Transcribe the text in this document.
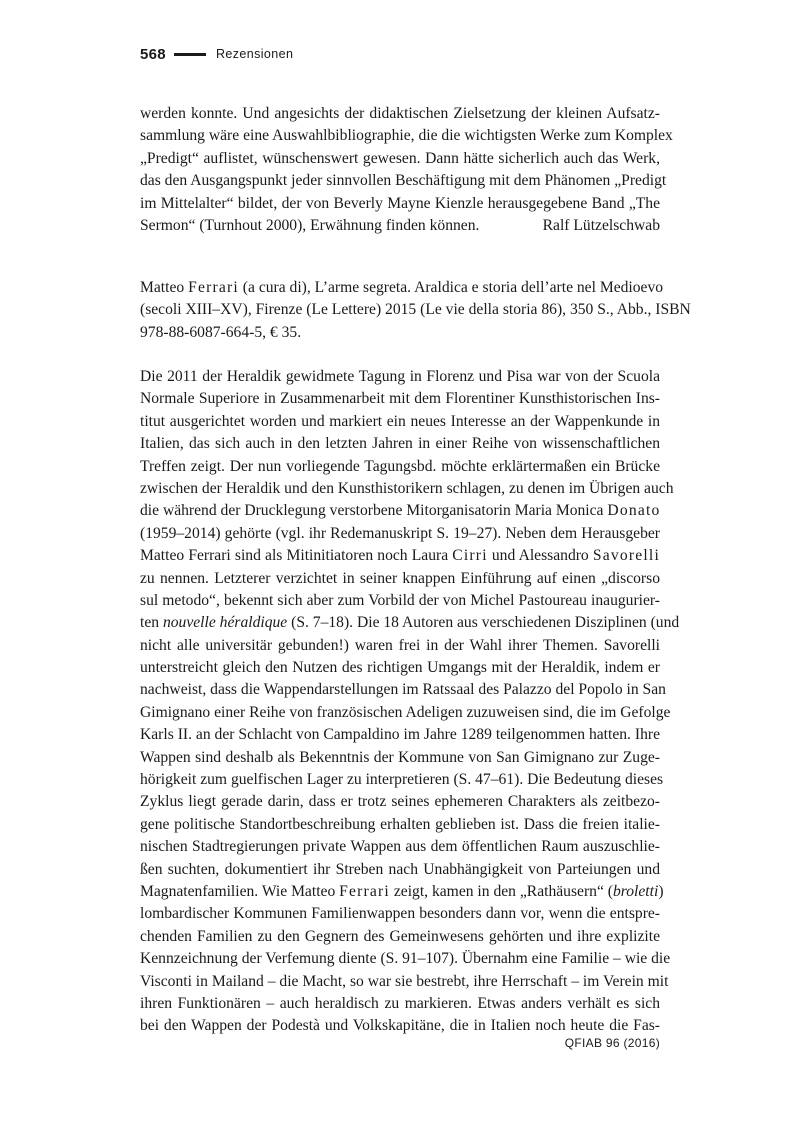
568	Rezensionen
werden konnte. Und angesichts der didaktischen Zielsetzung der kleinen Aufsatz-
sammlung wäre eine Auswahlbibliographie, die die wichtigsten Werke zum Komplex
„Predigt“ auflistet, wünschenswert gewesen. Dann hätte sicherlich auch das Werk,
das den Ausgangspunkt jeder sinnvollen Beschäftigung mit dem Phänomen „Predigt
im Mittelalter“ bildet, der von Beverly Mayne Kienzle herausgegebene Band „The
Sermon“ (Turnhout 2000), Erwähnung finden können.	Ralf Lützelschwab
Matteo Ferrari (a cura di), L’arme segreta. Araldica e storia dell’arte nel Medioevo
(secoli XIII–XV), Firenze (Le Lettere) 2015 (Le vie della storia 86), 350 S., Abb., ISBN
978-88-6087-664-5, € 35.
Die 2011 der Heraldik gewidmete Tagung in Florenz und Pisa war von der Scuola
Normale Superiore in Zusammenarbeit mit dem Florentiner Kunsthistorischen Ins-
titut ausgerichtet worden und markiert ein neues Interesse an der Wappenkunde in
Italien, das sich auch in den letzten Jahren in einer Reihe von wissenschaftlichen
Treffen zeigt. Der nun vorliegende Tagungsbd. möchte erklärtermaßen ein Brücke
zwischen der Heraldik und den Kunsthistorikern schlagen, zu denen im Übrigen auch
die während der Drucklegung verstorbene Mitorganisatorin Maria Monica Donato
(1959–2014) gehörte (vgl. ihr Redemanuskript S. 19–27). Neben dem Herausgeber
Matteo Ferrari sind als Mitinitiatoren noch Laura Cirri und Alessandro Savorelli
zu nennen. Letzterer verzichtet in seiner knappen Einführung auf einen „discorso
sul metodo“, bekennt sich aber zum Vorbild der von Michel Pastoureau inaugurier-
ten nouvelle héraldique (S. 7–18). Die 18 Autoren aus verschiedenen Disziplinen (und
nicht alle universitär gebunden!) waren frei in der Wahl ihrer Themen. Savorelli
unterstreicht gleich den Nutzen des richtigen Umgangs mit der Heraldik, indem er
nachweist, dass die Wappendarstellungen im Ratssaal des Palazzo del Popolo in San
Gimignano einer Reihe von französischen Adeligen zuzuweisen sind, die im Gefolge
Karls II. an der Schlacht von Campaldino im Jahre 1289 teilgenommen hatten. Ihre
Wappen sind deshalb als Bekenntnis der Kommune von San Gimignano zur Zuge-
hörigkeit zum guelfischen Lager zu interpretieren (S. 47–61). Die Bedeutung dieses
Zyklus liegt gerade darin, dass er trotz seines ephemeren Charakters als zeitbezo-
gene politische Standortbeschreibung erhalten geblieben ist. Dass die freien italie-
nischen Stadtregierungen private Wappen aus dem öffentlichen Raum auszuschlie-
ßen suchten, dokumentiert ihr Streben nach Unabhängigkeit von Parteiungen und
Magnatenfamilien. Wie Matteo Ferrari zeigt, kamen in den „Rathäusern“ (broletti)
lombardischer Kommunen Familienwappen besonders dann vor, wenn die entspre-
chenden Familien zu den Gegnern des Gemeinwesens gehörten und ihre explizite
Kennzeichnung der Verfemung diente (S. 91–107). Übernahm eine Familie – wie die
Visconti in Mailand – die Macht, so war sie bestrebt, ihre Herrschaft – im Verein mit
ihren Funktionären – auch heraldisch zu markieren. Etwas anders verhält es sich
bei den Wappen der Podestà und Volkskapitäne, die in Italien noch heute die Fas-
QFIAB 96 (2016)
